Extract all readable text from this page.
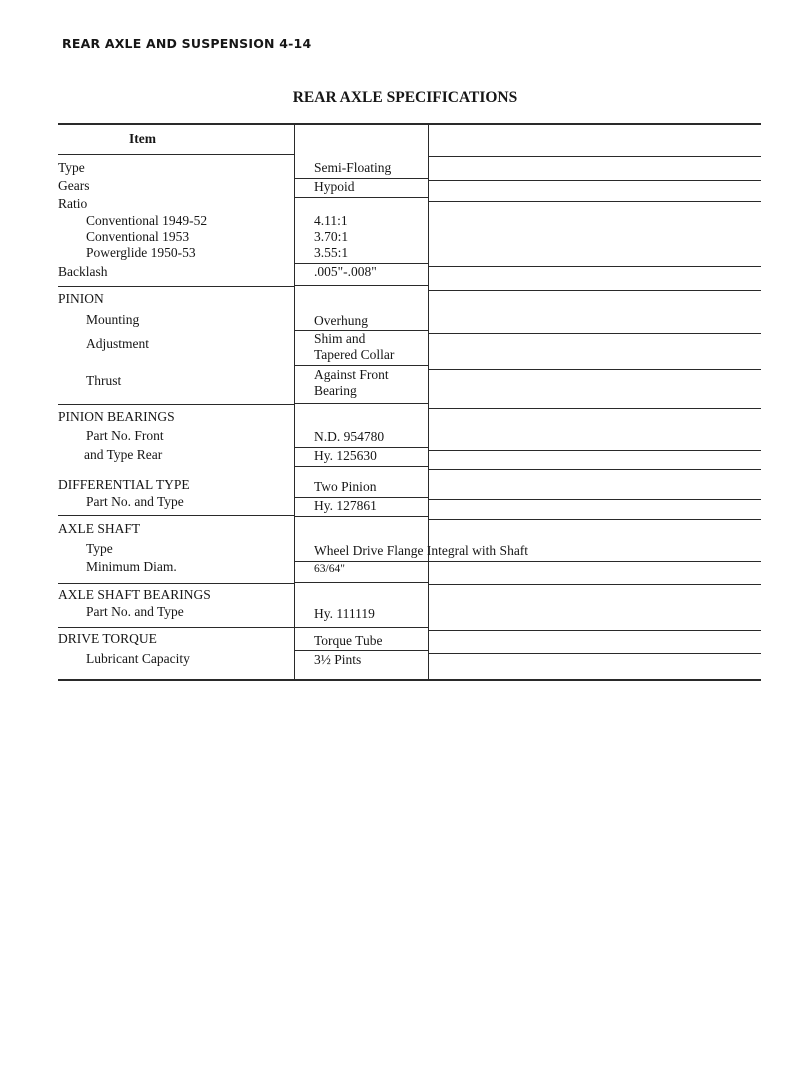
REAR AXLE AND SUSPENSION 4-14
REAR AXLE SPECIFICATIONS
Item
Type	Semi-Floating
Gears	Hypoid
Ratio
Conventional 1949-52	4.11:1
Conventional 1953	3.70:1
Powerglide 1950-53	3.55:1
Backlash	.005"-.008"
PINION
Mounting	Overhung
Adjustment	Shim and
Tapered Collar
Thrust	Against Front
Bearing
PINION BEARINGS
Part No. Front	N.D. 954780
and Type Rear	Hy. 125630
DIFFERENTIAL TYPE	Two Pinion
Part No. and Type	Hy. 127861
AXLE SHAFT
Type	Wheel Drive Flange Integral with Shaft
Minimum Diam.	63/64"
AXLE SHAFT BEARINGS
Part No. and Type	Hy. 111119
DRIVE TORQUE	Torque Tube
Lubricant Capacity	3½ Pints
